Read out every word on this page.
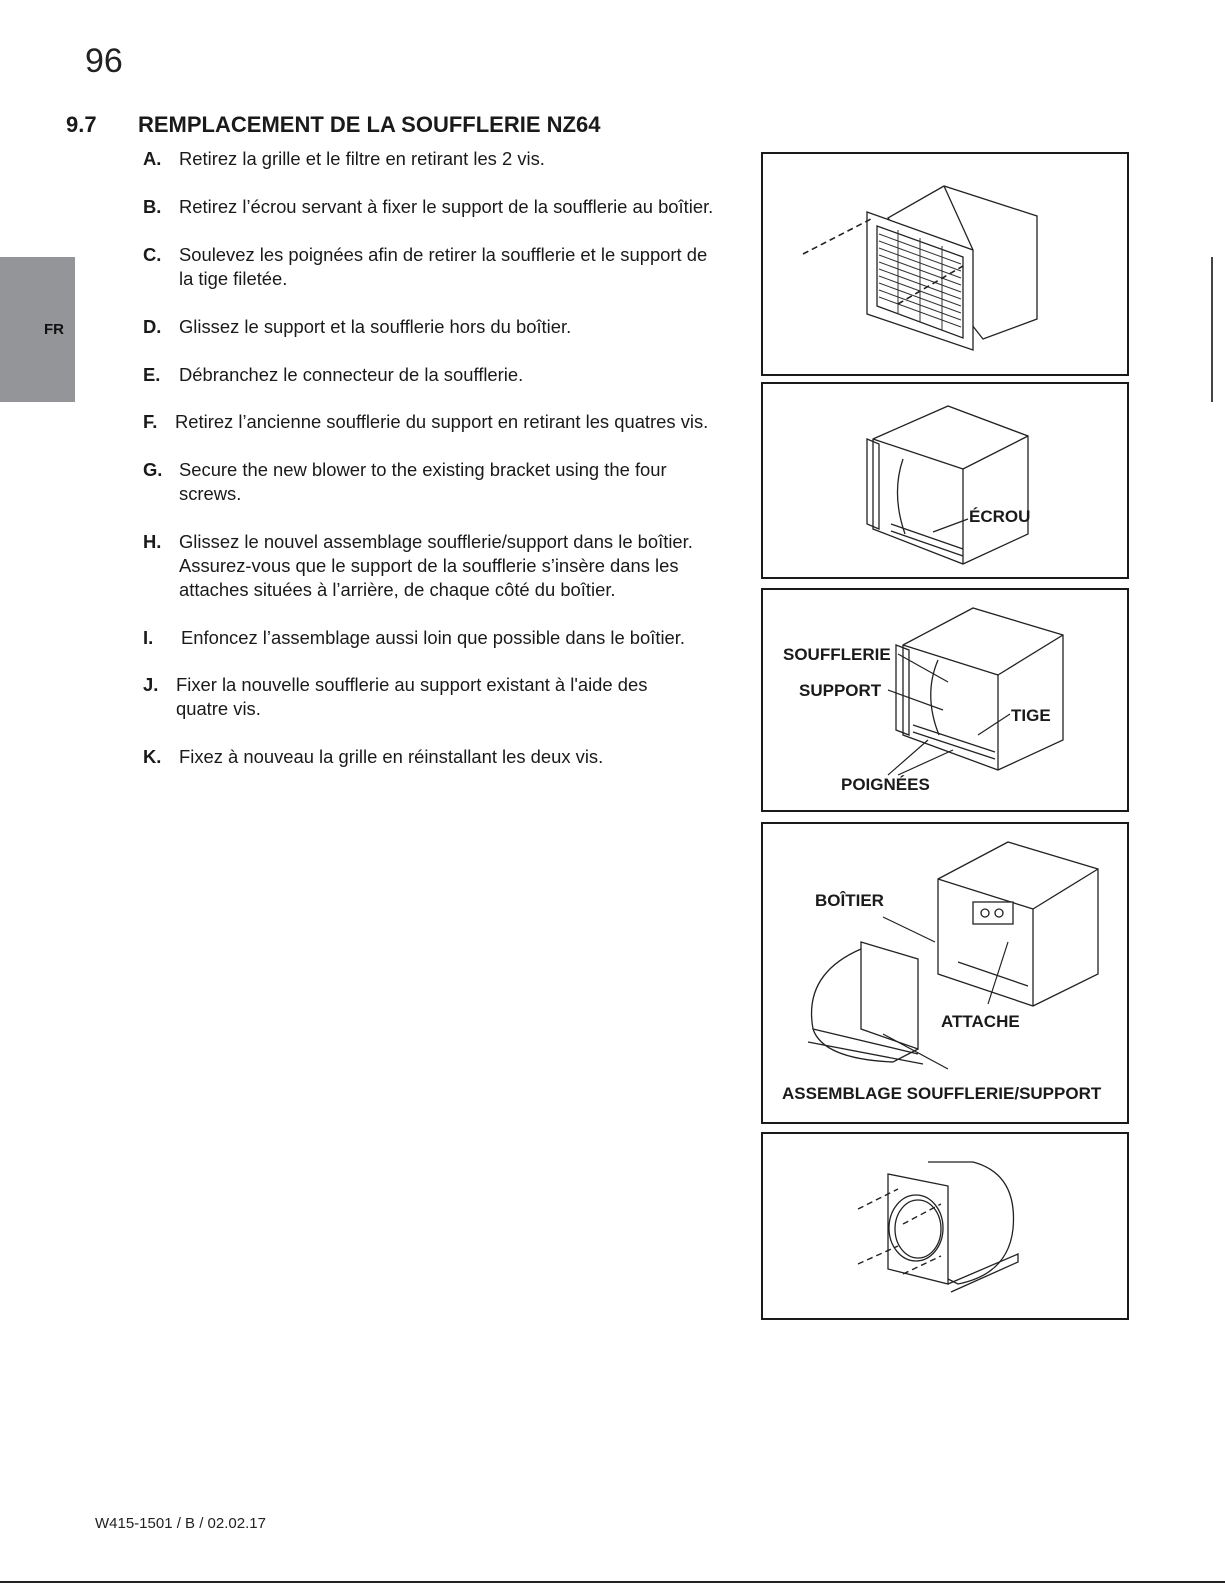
96
9.7 REMPLACEMENT DE LA SOUFFLERIE NZ64
FR
A. Retirez la grille et le filtre en retirant les 2 vis.
B. Retirez l’écrou servant à fixer le support de la soufflerie au boîtier.
C. Soulevez les poignées afin de retirer la soufflerie et le support de
la tige filetée.
D. Glissez le support et la soufflerie hors du boîtier.
E. Débranchez le connecteur de la soufflerie.
F. Retirez l’ancienne soufflerie du support en retirant les quatres vis.
G. Secure the new blower to the existing bracket using the four
screws.
H. Glissez le nouvel assemblage soufflerie/support dans le boîtier.
Assurez-vous que le support de la soufflerie s’insère dans les
attaches situées à l’arrière, de chaque côté du boîtier.
I. Enfoncez l’assemblage aussi loin que possible dans le boîtier.
J. Fixer la nouvelle soufflerie au support existant à l'aide des
quatre vis.
K. Fixez à nouveau la grille en réinstallant les deux vis.
ÉCROU
SOUFFLERIE
SUPPORT
TIGE
POIGNÉES
BOÎTIER
ATTACHE
ASSEMBLAGE SOUFFLERIE/SUPPORT
W415-1501 / B / 02.02.17
